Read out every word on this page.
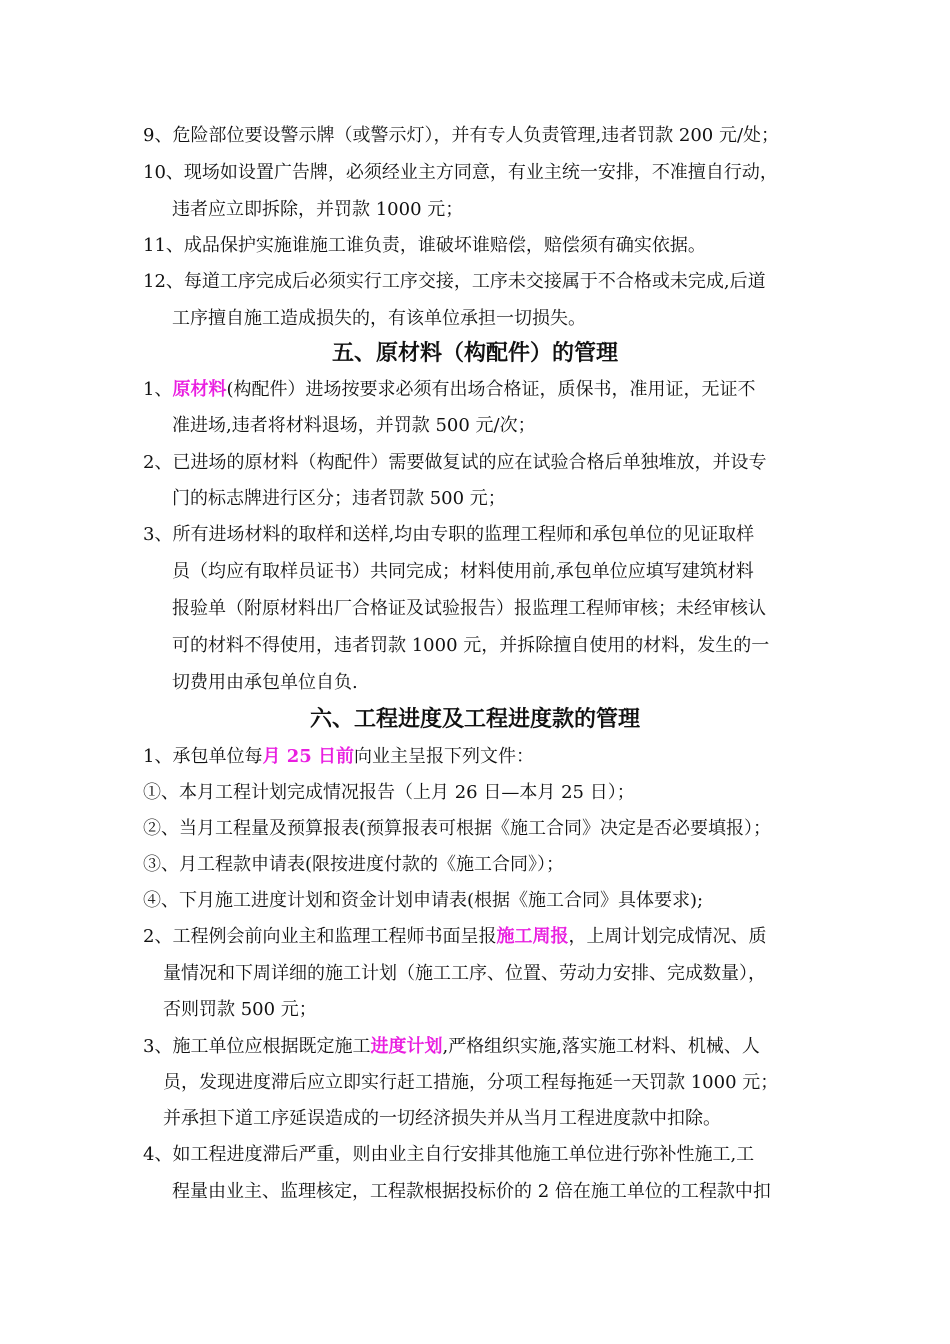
9、危险部位要设警示牌（或警示灯），并有专人负责管理,违者罚款 200 元/处；
10、现场如设置广告牌，必须经业主方同意，有业主统一安排，不准擅自行动，
违者应立即拆除，并罚款 1000 元；
11、成品保护实施谁施工谁负责，谁破坏谁赔偿，赔偿须有确实依据。
12、每道工序完成后必须实行工序交接，工序未交接属于不合格或未完成,后道
工序擅自施工造成损失的，有该单位承担一切损失。
五、原材料（构配件）的管理
1、原材料(构配件）进场按要求必须有出场合格证，质保书，准用证，无证不
准进场,违者将材料退场，并罚款 500 元/次；
2、已进场的原材料（构配件）需要做复试的应在试验合格后单独堆放，并设专
门的标志牌进行区分；违者罚款 500 元；
3、所有进场材料的取样和送样,均由专职的监理工程师和承包单位的见证取样
员（均应有取样员证书）共同完成；材料使用前,承包单位应填写建筑材料
报验单（附原材料出厂合格证及试验报告）报监理工程师审核；未经审核认
可的材料不得使用，违者罚款 1000 元，并拆除擅自使用的材料，发生的一
切费用由承包单位自负.
六、工程进度及工程进度款的管理
1、承包单位每月 25 日前向业主呈报下列文件：
①、本月工程计划完成情况报告（上月 26 日—本月 25 日）；
②、当月工程量及预算报表(预算报表可根据《施工合同》决定是否必要填报）；
③、月工程款申请表(限按进度付款的《施工合同》）；
④、下月施工进度计划和资金计划申请表(根据《施工合同》具体要求);
2、工程例会前向业主和监理工程师书面呈报施工周报，上周计划完成情况、质
量情况和下周详细的施工计划（施工工序、位置、劳动力安排、完成数量），
否则罚款 500 元；
3、施工单位应根据既定施工进度计划,严格组织实施,落实施工材料、机械、人
员，发现进度滞后应立即实行赶工措施，分项工程每拖延一天罚款 1000 元；
并承担下道工序延误造成的一切经济损失并从当月工程进度款中扣除。
4、如工程进度滞后严重，则由业主自行安排其他施工单位进行弥补性施工,工
程量由业主、监理核定，工程款根据投标价的 2 倍在施工单位的工程款中扣
